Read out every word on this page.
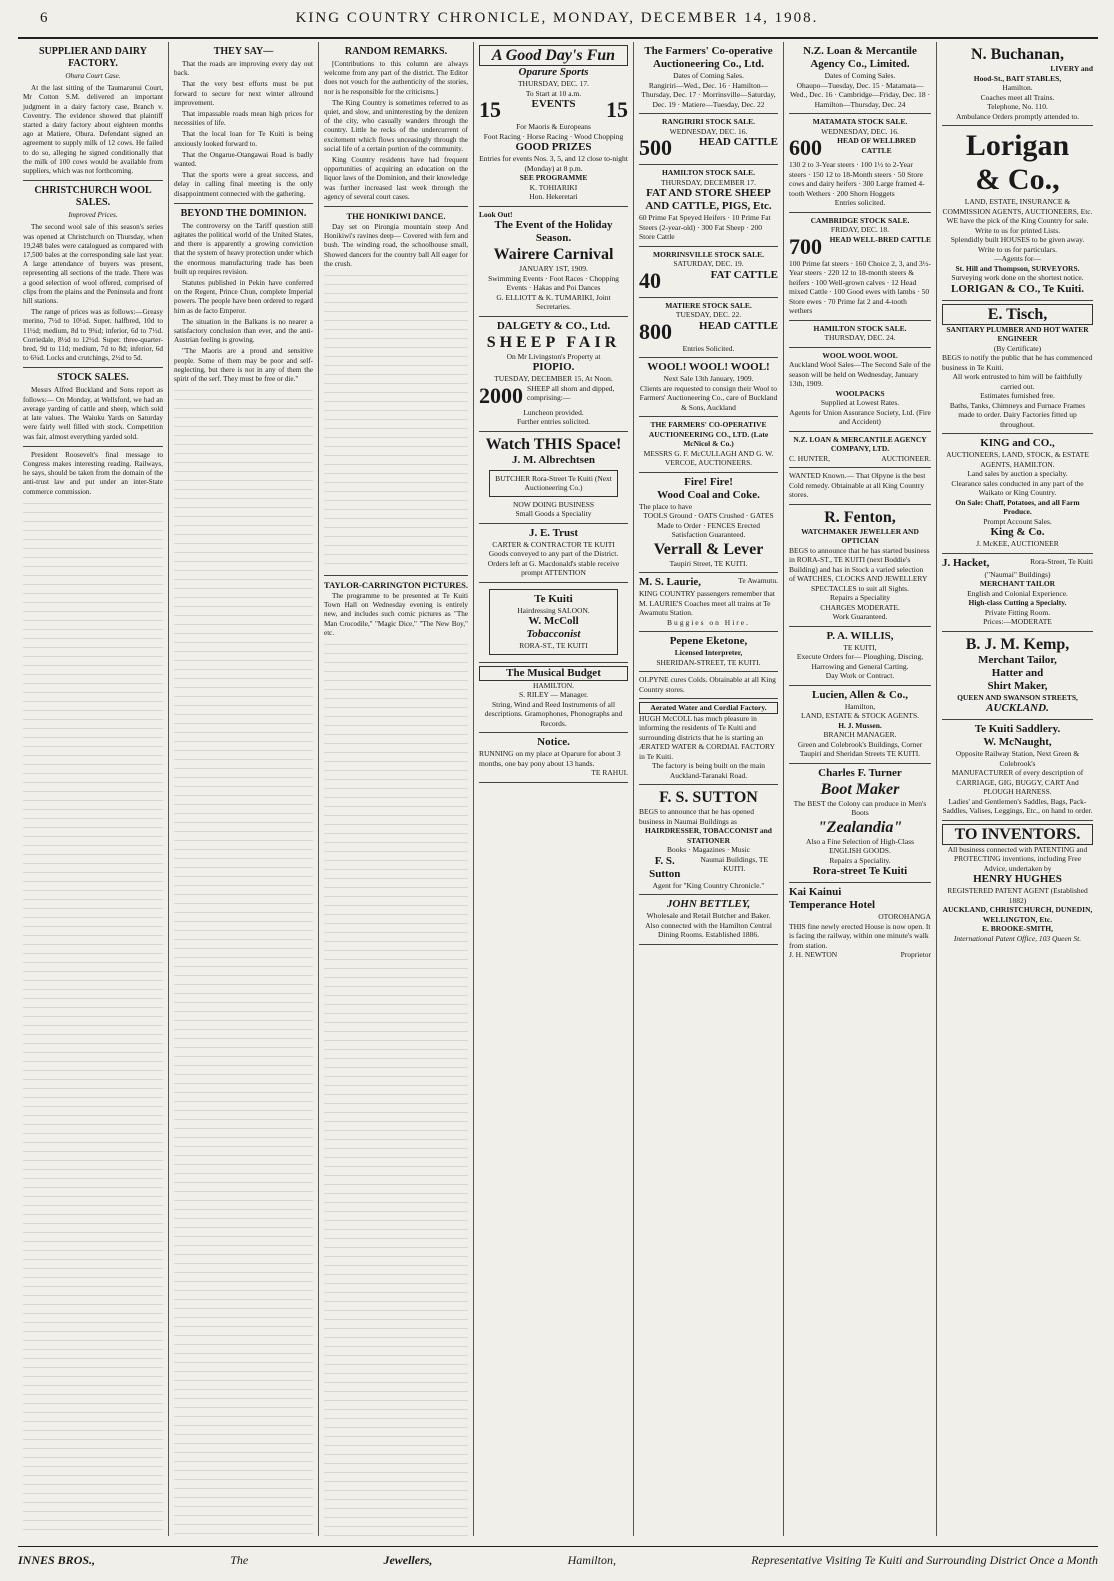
6	KING COUNTRY CHRONICLE, MONDAY, DECEMBER 14, 1908.
SUPPLIER AND DAIRY FACTORY.
Ohura Court Case.

At the last sitting of the Taumarunui Court, Mr Cotton S.M. delivered an important judgment in a dairy factory case, Branch v. Coventry. The evidence showed that plaintiff started a dairy factory about eighteen months ago at Matiere, Ohura. Defendant signed an agreement to supply milk of 12 cows. He failed to do so, alleging he signed conditionally that the milk of 100 cows would be available from suppliers, which was not forthcoming.

CHRISTCHURCH WOOL SALES.
Improved Prices.

The second wool sale of this season's series was opened at Christchurch on Thursday, when 19,248 bales were catalogued as compared with 17,500 bales at the corresponding sale last year. A large attendance of buyers was present, representing all sections of the trade. There was a good selection of wool offered, comprised of clips from the plains and the Peninsula and front hill stations.

The range of prices was as follows:—Greasy merino, 7½d to 10½d. Super. halfbred, 10d to 11½d; medium, 8d to 9¾d; inferior, 6d to 7½d. Corriedale, 8½d to 12½d. Super. three-quarter-bred, 9d to 11d; medium, 7d to 8d; inferior, 6d to 6¾d. Locks and crutchings, 2½d to 5d.

STOCK SALES.

Messrs Alfred Buckland and Sons report as follows:— On Monday, at Wellsford, we had an average yarding of cattle and sheep, which sold at late values. The Waiuku Yards on Saturday were fairly well filled with stock. Competition was fair, almost everything yarded sold.

President Roosevelt's final message to Congress makes interesting reading. Railways, he says, should be taken from the domain of the anti-trust law and put under an inter-State commerce commission.

THEY SAY—

That the roads are improving every day out back.

That the very best efforts must be put forward to secure for next winter allround improvement.

That impassable roads mean high prices for necessities of life.

That the local loan for Te Kuiti is being anxiously looked forward to.

That the Ongarue-Otangawai Road is badly wanted.

That the sports were a great success, and delay in calling final meeting is the only disappointment connected with the gathering.

BEYOND THE DOMINION.

The controversy on the Tariff question still agitates the political world of the United States, and there is apparently a growing conviction that the system of heavy protection under which the enormous manufacturing trade has been built up requires revision.

Statutes published in Pekin have conferred on the Regent, Prince Chun, complete Imperial powers. The people have been ordered to regard him as de facto Emperor.

The situation in the Balkans is no nearer a satisfactory conclusion than ever, and the anti-Austrian feeling is growing.

"The Maoris are a proud and sensitive people. Some of them may be poor and self-neglecting, but there is not in any of them the spirit of the serf. They must be free or die."

RANDOM REMARKS.

[Contributions to this column are always welcome from any part of the district. The Editor does not vouch for the authenticity of the stories, nor is he responsible for the criticisms.]

The King Country is sometimes referred to as quiet, and slow, and uninteresting by the denizen of the city, who casually wanders through the country. Little he recks of the undercurrent of excitement which flows unceasingly through the social life of a certain portion of the community.

King Country residents have had frequent opportunities of acquiring an education on the liquor laws of the Dominion, and their knowledge was further increased last week through the agency of several court cases.

THE HONIKIWI DANCE.

Day set on Pirongia mountain steep And Honikiwi's ravines deep— Covered with fern and bush. The winding road, the schoolhouse small, Showed dancers for the country ball All eager for the crush.

TAYLOR-CARRINGTON PICTURES.

The programme to be presented at Te Kuiti Town Hall on Wednesday evening is entirely new, and includes such comic pictures as "The Man Crocodile," "Magic Dice," "The New Boy," etc.

A Good Day's Fun
Oparure Sports
THURSDAY, DEC. 17.
To Start at 10 a.m.
15	EVENTS 15
For Maoris & Europeans
Foot Racing · Horse Racing · Wood Chopping
GOOD PRIZES
Entries for events Nos. 3, 5, and 12 close to-night (Monday) at 8 p.m.
SEE PROGRAMME
K. TOHIARIKI
Hon. Hekeretari
Look Out!
The Event of the Holiday Season.
Wairere Carnival
JANUARY 1ST, 1909.
Swimming Events · Foot Races · Chopping Events · Hakas and Poi Dances
G. ELLIOTT & K. TUMARIKI, Joint Secretaries.
DALGETY & CO., Ltd.
SHEEP FAIR
On Mr Livingston's Property at
PIOPIO.
TUESDAY, DECEMBER 15, At Noon.
2000 SHEEP all shorn and dipped, comprising:—
Luncheon provided.
Further entries solicited.
Watch THIS Space!
J. M. Albrechtsen
BUTCHER Rora-Street Te Kuiti (Next Auctioneering Co.)
NOW DOING BUSINESS
Small Goods a Speciality
J. E. Trust
CARTER & CONTRACTOR TE KUITI
Goods conveyed to any part of the District. Orders left at G. Macdonald's stable receive prompt ATTENTION
Te Kuiti
Hairdressing SALOON.
W. McColl
Tobacconist
RORA-ST., TE KUITI
The Musical Budget
HAMILTON.
S. RILEY — Manager.
String, Wind and Reed Instruments of all descriptions. Gramophones, Phonographs and Records.
Notice.
RUNNING on my place at Oparure for about 3 months, one bay pony about 13 hands.
TE RAHUI.
The Farmers' Co-operative Auctioneering Co., Ltd.
Dates of Coming Sales.
Rangiriri—Wed., Dec. 16 · Hamilton—Thursday, Dec. 17 · Morrinsville—Saturday, Dec. 19 · Matiere—Tuesday, Dec. 22
RANGIRIRI STOCK SALE.
WEDNESDAY, DEC. 16.
500 HEAD CATTLE
HAMILTON STOCK SALE.
THURSDAY, DECEMBER 17.
FAT AND STORE SHEEP AND CATTLE, PIGS, Etc.
60 Prime Fat Speyed Heifers · 10 Prime Fat Steers (2-year-old) · 300 Fat Sheep · 200 Store Cattle
MORRINSVILLE STOCK SALE.
SATURDAY, DEC. 19.
40	FAT CATTLE
MATIERE STOCK SALE.
TUESDAY, DEC. 22.
800 HEAD CATTLE
Entries Solicited.
WOOL! WOOL! WOOL!
Next Sale 13th January, 1909.
Clients are requested to consign their Wool to Farmers' Auctioneering Co., care of Buckland & Sons, Auckland
THE FARMERS' CO-OPERATIVE AUCTIONEERING CO., LTD. (Late McNicol & Co.)
MESSRS G. F. McCULLAGH AND G. W. VERCOE, AUCTIONEERS.
Fire! Fire!
Wood Coal and Coke.
The place to have
TOOLS Ground · OATS Crushed · GATES Made to Order · FENCES Erected
Satisfaction Guaranteed.
Verrall & Lever
Taupiri Street, TE KUITI.
M. S. Laurie,	Te Awamutu.
KING COUNTRY passengers remember that M. LAURIE'S Coaches meet all trains at Te Awamutu Station.
Buggies on Hire.
Pepene Eketone,
Licensed Interpreter,
SHERIDAN-STREET, TE KUITI.
OLPYNE cures Colds. Obtainable at all King Country stores.
Aerated Water and Cordial Factory.
HUGH McCOLL has much pleasure in informing the residents of Te Kuiti and surrounding districts that he is starting an ÆRATED WATER & CORDIAL FACTORY in Te Kuiti.
The factory is being built on the main Auckland-Taranaki Road.
F. S. SUTTON
BEGS to announce that he has opened business in Naumai Buildings as
HAIRDRESSER, TOBACCONIST and STATIONER
Books · Magazines · Music
F. S. Sutton
Naumai Buildings, TE KUITI.
Agent for "King Country Chronicle."
JOHN BETTLEY,
Wholesale and Retail Butcher and Baker. Also connected with the Hamilton Central Dining Rooms. Established 1886.
N.Z. Loan & Mercantile Agency Co., Limited.
Dates of Coming Sales.
Ohaupo—Tuesday, Dec. 15 · Matamata—Wed., Dec. 16 · Cambridge—Friday, Dec. 18 · Hamilton—Thursday, Dec. 24
MATAMATA STOCK SALE.
WEDNESDAY, DEC. 16.
600	HEAD OF WELLBRED CATTLE
130 2 to 3-Year steers · 100 1½ to 2-Year steers · 150 12 to 18-Month steers · 50 Store cows and dairy heifers · 300 Large framed 4-tooth Wethers · 200 Shorn Hoggets
Entries solicited.
CAMBRIDGE STOCK SALE.
FRIDAY, DEC. 18.
700 HEAD WELL-BRED CATTLE
100 Prime fat steers · 160 Choice 2, 3, and 3½-Year steers · 220 12 to 18-month steers & heifers · 100 Well-grown calves · 12 Head mixed Cattle · 100 Good ewes with lambs · 50 Store ewes · 70 Prime fat 2 and 4-tooth wethers
HAMILTON STOCK SALE.
THURSDAY, DEC. 24.
WOOL WOOL WOOL
Auckland Wool Sales—The Second Sale of the season will be held on Wednesday, January 13th, 1909.
WOOLPACKS
Supplied at Lowest Rates.
Agents for Union Assurance Society, Ltd. (Fire and Accident)
N.Z. LOAN & MERCANTILE AGENCY COMPANY, LTD.
C. HUNTER,	AUCTIONEER.
WANTED Known.— That Olpyne is the best Cold remedy. Obtainable at all King Country stores.
R. Fenton,
WATCHMAKER JEWELLER AND OPTICIAN
BEGS to announce that he has started business in RORA-ST., TE KUITI (next Boddie's Building) and has in Stock a varied selection of WATCHES, CLOCKS AND JEWELLERY
SPECTACLES to suit all Sights.
Repairs a Speciality
CHARGES MODERATE.
Work Guaranteed.
P. A. WILLIS,
TE KUITI,
Execute Orders for— Ploughing, Discing, Harrowing and General Carting.
Day Work or Contract.
Lucien, Allen & Co.,
Hamilton,
LAND, ESTATE & STOCK AGENTS.
H. J. Mussen.
BRANCH MANAGER.
Green and Colebrook's Buildings, Corner Taupiri and Sheridan Streets TE KUITI.
Charles F. Turner
Boot Maker
The BEST the Colony can produce in Men's Boots
"Zealandia"
Also a Fine Selection of High-Class ENGLISH GOODS.
Repairs a Speciality.
Rora-street Te Kuiti
Kai Kainui
Temperance Hotel
OTOROHANGA
THIS fine newly erected House is now open. It is facing the railway, within one minute's walk from station.
J. H. NEWTON	Proprietor
N. Buchanan,
LIVERY and
Hood-St., BAIT STABLES,
Hamilton.
Coaches meet all Trains.
Telephone, No. 110.
Ambulance Orders promptly attended to.
Lorigan
& Co.,
LAND, ESTATE, INSURANCE & COMMISSION AGENTS, AUCTIONEERS, Etc.
WE have the pick of the King Country for sale.
Write to us for printed Lists.
Splendidly built HOUSES to be given away. Write to us for particulars.
—Agents for—
St. Hill and Thompson, SURVEYORS.
Surveying work done on the shortest notice.
LORIGAN & CO., Te Kuiti.
E. Tisch,
SANITARY PLUMBER AND HOT WATER ENGINEER
(By Certificate)
BEGS to notify the public that he has commenced business in Te Kuiti.
All work entrusted to him will be faithfully carried out.
Estimates furnished free.
Baths, Tanks, Chimneys and Furnace Frames made to order. Dairy Factories fitted up throughout.
KING and CO.,
AUCTIONEERS, LAND, STOCK, & ESTATE AGENTS, HAMILTON.
Land sales by auction a specialty.
Clearance sales conducted in any part of the Waikato or King Country.
On Sale: Chaff, Potatoes, and all Farm Produce.
Prompt Account Sales.
King & Co.
J. McKEE, AUCTIONEER
J. Hacket,	Rora-Street, Te Kuiti
("Naumai" Buildings)
MERCHANT TAILOR
English and Colonial Experience.
High-class Cutting a Specialty.
Private Fitting Room.
Prices:—MODERATE
B. J. M. Kemp,
Merchant Tailor,
Hatter and
Shirt Maker,
QUEEN AND SWANSON STREETS,
AUCKLAND.
Te Kuiti Saddlery.
W. McNaught,
Opposite Railway Station, Next Green & Colebrook's
MANUFACTURER of every description of CARRIAGE, GIG, BUGGY, CART And PLOUGH HARNESS.
Ladies' and Gentlemen's Saddles, Bags, Pack-Saddles, Valises, Leggings, Etc., on hand to order.
TO INVENTORS.
All business connected with PATENTING and PROTECTING inventions, including Free Advice, undertaken by
HENRY HUGHES
REGISTERED PATENT AGENT (Established 1882)
AUCKLAND, CHRISTCHURCH, DUNEDIN, WELLINGTON, Etc.
E. BROOKE-SMITH,
International Patent Office, 103 Queen St.
INNES BROS.,	The	Jewellers,	Hamilton,	Representative Visiting Te Kuiti and Surrounding District Once a Month
